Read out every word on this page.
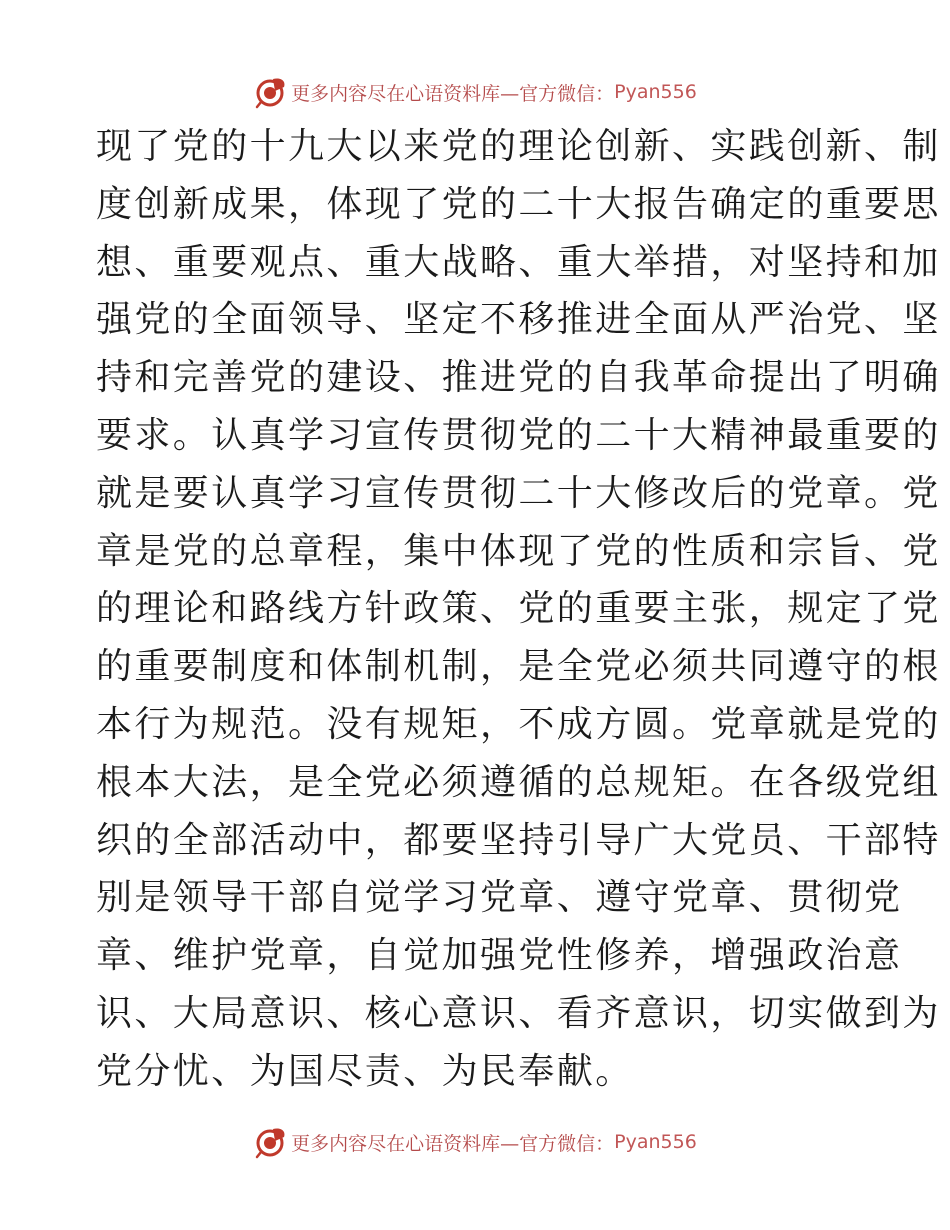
更多内容尽在心语资料库—官方微信： Pyan556
现了党的十九大以来党的理论创新、实践创新、制
度创新成果，体现了党的二十大报告确定的重要思
想、重要观点、重大战略、重大举措，对坚持和加
强党的全面领导、坚定不移推进全面从严治党、坚
持和完善党的建设、推进党的自我革命提出了明确
要求。认真学习宣传贯彻党的二十大精神最重要的
就是要认真学习宣传贯彻二十大修改后的党章。党
章是党的总章程，集中体现了党的性质和宗旨、党
的理论和路线方针政策、党的重要主张，规定了党
的重要制度和体制机制，是全党必须共同遵守的根
本行为规范。没有规矩，不成方圆。党章就是党的
根本大法，是全党必须遵循的总规矩。在各级党组
织的全部活动中，都要坚持引导广大党员、干部特
别是领导干部自觉学习党章、遵守党章、贯彻党
章、维护党章，自觉加强党性修养，增强政治意
识、大局意识、核心意识、看齐意识，切实做到为
党分忧、为国尽责、为民奉献。
更多内容尽在心语资料库—官方微信： Pyan556
